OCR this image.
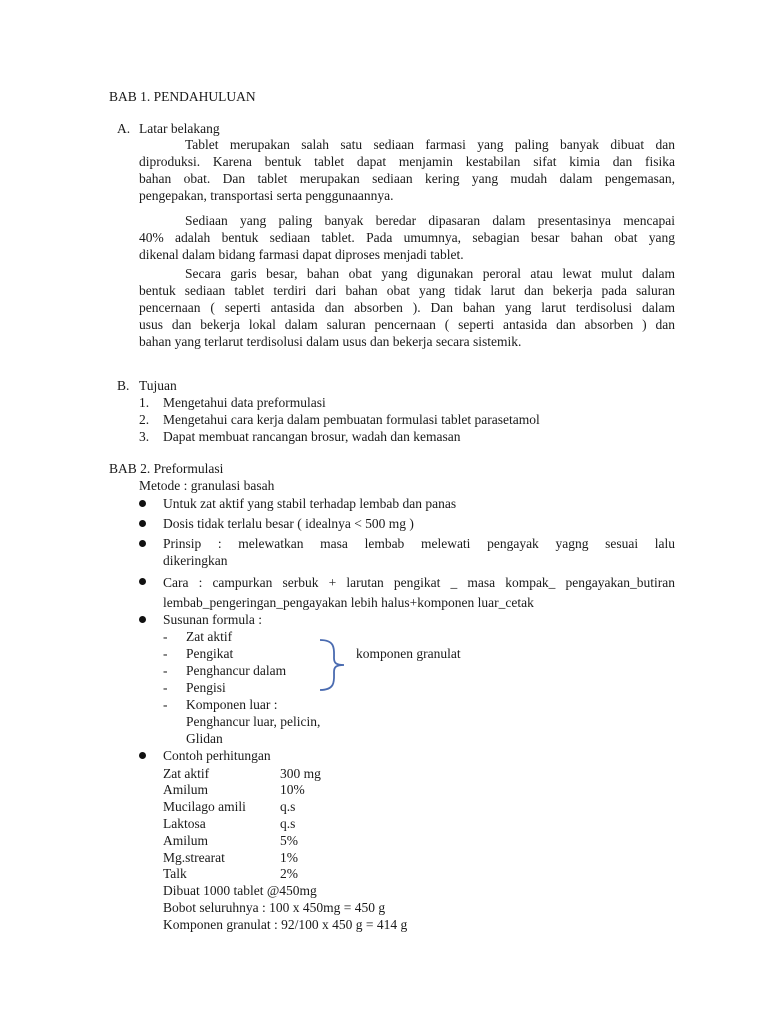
BAB 1. PENDAHULUAN
A. Latar belakang
Tablet merupakan salah satu sediaan farmasi yang paling banyak dibuat dan
diproduksi. Karena bentuk tablet dapat menjamin kestabilan sifat kimia dan fisika
bahan obat. Dan tablet merupakan sediaan kering yang mudah dalam pengemasan,
pengepakan, transportasi serta penggunaannya.
Sediaan yang paling banyak beredar dipasaran dalam presentasinya mencapai
40% adalah bentuk sediaan tablet. Pada umumnya, sebagian besar bahan obat yang
dikenal dalam bidang farmasi dapat diproses menjadi tablet.
Secara garis besar, bahan obat yang digunakan peroral atau lewat mulut dalam
bentuk sediaan tablet terdiri dari bahan obat yang tidak larut dan bekerja pada saluran
pencernaan ( seperti antasida dan absorben ). Dan bahan yang larut terdisolusi dalam
usus dan bekerja lokal dalam saluran pencernaan ( seperti antasida dan absorben ) dan
bahan yang terlarut terdisolusi dalam usus dan bekerja secara sistemik.
B. Tujuan
1. Mengetahui data preformulasi
2. Mengetahui cara kerja dalam pembuatan formulasi tablet parasetamol
3. Dapat membuat rancangan brosur, wadah dan kemasan
BAB 2. Preformulasi
Metode : granulasi basah
Untuk zat aktif yang stabil terhadap lembab dan panas
Dosis tidak terlalu besar ( idealnya < 500 mg )
Prinsip : melewatkan masa lembab melewati pengayak yagng sesuai lalu
dikeringkan
Cara : campurkan serbuk + larutan pengikat _ masa kompak_ pengayakan_butiran
lembab_pengeringan_pengayakan lebih halus+komponen luar_cetak
Susunan formula :
- Zat aktif
- Pengikat
- Penghancur dalam
- Pengisi
komponen granulat
- Komponen luar :
Penghancur luar, pelicin,
Glidan
Contoh perhitungan
Zat aktif	300 mg
Amilum	10%
Mucilago amili	q.s
Laktosa	q.s
Amilum	5%
Mg.strearat	1%
Talk	2%
Dibuat 1000 tablet @450mg
Bobot seluruhnya : 100 x 450mg = 450 g
Komponen granulat : 92/100 x 450 g = 414 g
